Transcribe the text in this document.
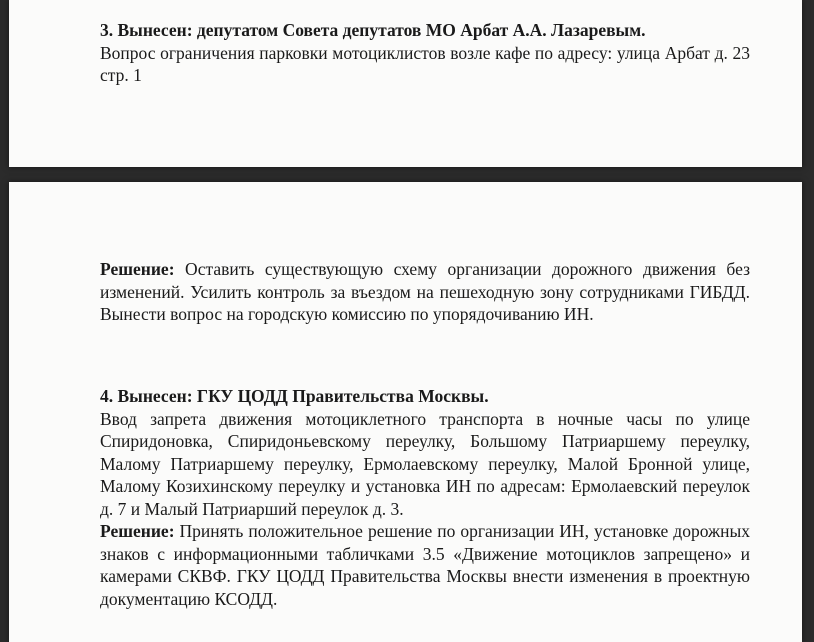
3. Вынесен: депутатом Совета депутатов МО Арбат А.А. Лазаревым.
Вопрос ограничения парковки мотоциклистов возле кафе по адресу: улица Арбат д. 23 стр. 1
Решение: Оставить существующую схему организации дорожного движения без изменений. Усилить контроль за въездом на пешеходную зону сотрудниками ГИБДД. Вынести вопрос на городскую комиссию по упорядочиванию ИН.
4. Вынесен: ГКУ ЦОДД Правительства Москвы.
Ввод запрета движения мотоциклетного транспорта в ночные часы по улице Спиридоновка, Спиридоньевскому переулку, Большому Патриаршему переулку, Малому Патриаршему переулку, Ермолаевскому переулку, Малой Бронной улице, Малому Козихинскому переулку и установка ИН по адресам: Ермолаевский переулок д. 7 и Малый Патриарший переулок д. 3.
Решение: Принять положительное решение по организации ИН, установке дорожных знаков с информационными табличками 3.5 «Движение мотоциклов запрещено» и камерами СКВФ. ГКУ ЦОДД Правительства Москвы внести изменения в проектную документацию КСОДД.
